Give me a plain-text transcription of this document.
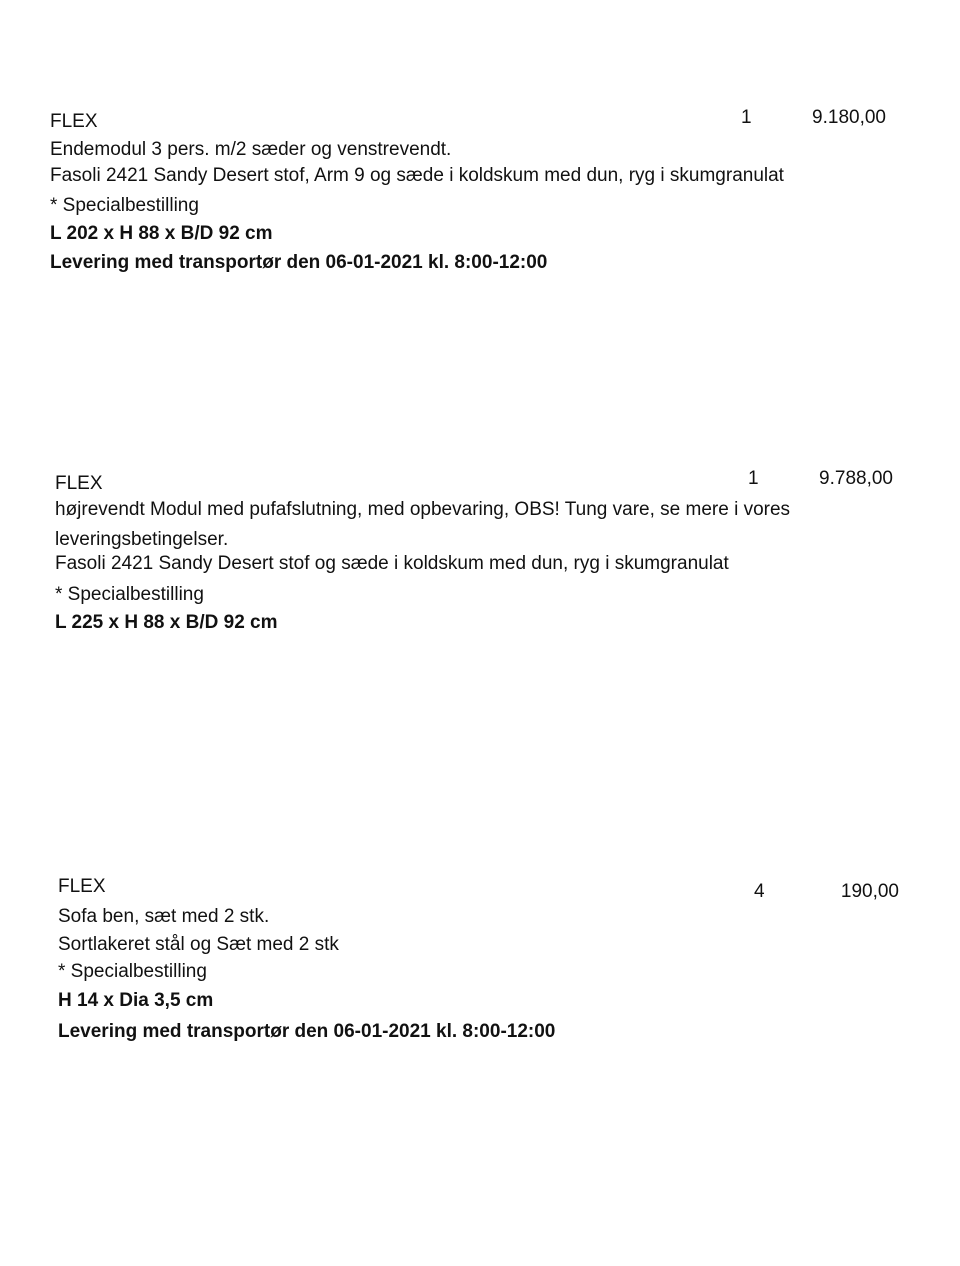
FLEX	1	9.180,00
Endemodul 3 pers. m/2 sæder og venstrevendt.
Fasoli 2421 Sandy Desert stof, Arm 9 og sæde i koldskum med dun, ryg i skumgranulat
* Specialbestilling
L 202 x H 88 x B/D 92 cm
Levering med transportør den 06-01-2021 kl. 8:00-12:00
FLEX	1	9.788,00
højrevendt Modul med pufafslutning, med opbevaring, OBS! Tung vare, se mere i vores
leveringsbetingelser.
Fasoli 2421 Sandy Desert stof og sæde i koldskum med dun, ryg i skumgranulat
* Specialbestilling
L 225 x H 88 x B/D 92 cm
FLEX	4	190,00
Sofa ben, sæt med 2 stk.
Sortlakeret stål og Sæt med 2 stk
* Specialbestilling
H 14 x Dia 3,5 cm
Levering med transportør den 06-01-2021 kl. 8:00-12:00
